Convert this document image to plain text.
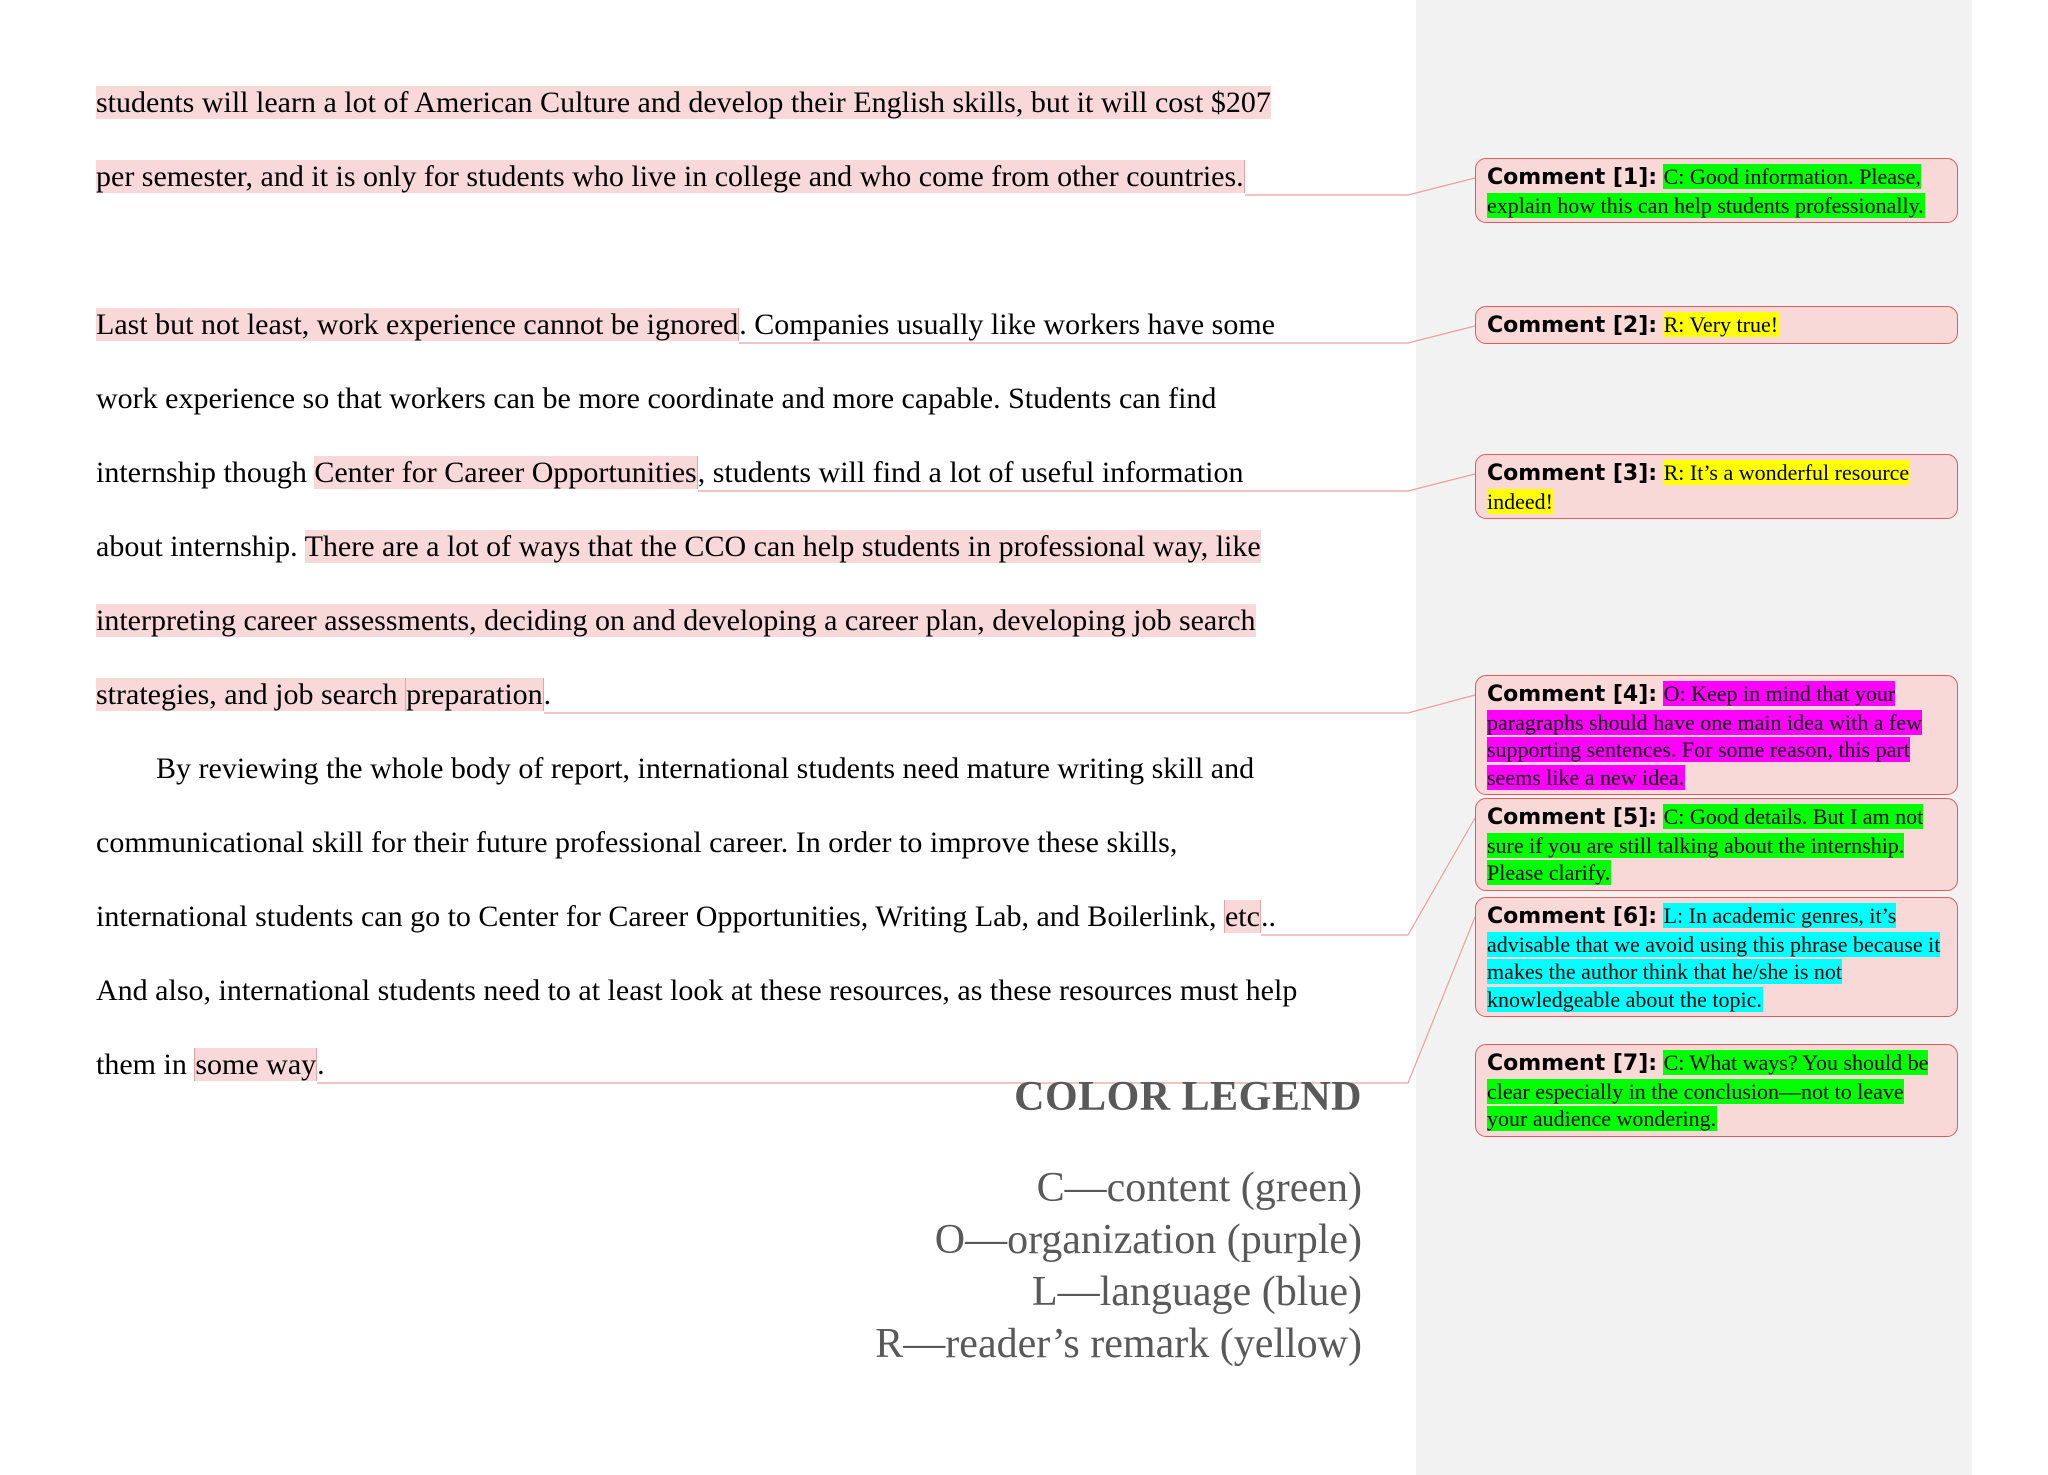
students will learn a lot of American Culture and develop their English skills, but it will cost $207
per semester, and it is only for students who live in college and who come from other countries.
Last but not least, work experience cannot be ignored. Companies usually like workers have some
work experience so that workers can be more coordinate and more capable. Students can find
internship though Center for Career Opportunities, students will find a lot of useful information
about internship. There are a lot of ways that the CCO can help students in professional way, like
interpreting career assessments, deciding on and developing a career plan, developing job search
strategies, and job search preparation.
By reviewing the whole body of report, international students need mature writing skill and
communicational skill for their future professional career. In order to improve these skills,
international students can go to Center for Career Opportunities, Writing Lab, and Boilerlink, etc..
And also, international students need to at least look at these resources, as these resources must help
them in some way.
Comment [1]: C: Good information. Please, explain how this can help students professionally.
Comment [2]: R: Very true!
Comment [3]: R: It’s a wonderful resource indeed!
Comment [4]: O: Keep in mind that your paragraphs should have one main idea with a few supporting sentences. For some reason, this part seems like a new idea.
Comment [5]: C: Good details. But I am not sure if you are still talking about the internship. Please clarify.
Comment [6]: L: In academic genres, it’s advisable that we avoid using this phrase because it makes the author think that he/she is not knowledgeable about the topic.
Comment [7]: C: What ways? You should be clear especially in the conclusion—not to leave your audience wondering.
COLOR LEGEND
C—content (green)
O—organization (purple)
L—language (blue)
R—reader’s remark (yellow)
